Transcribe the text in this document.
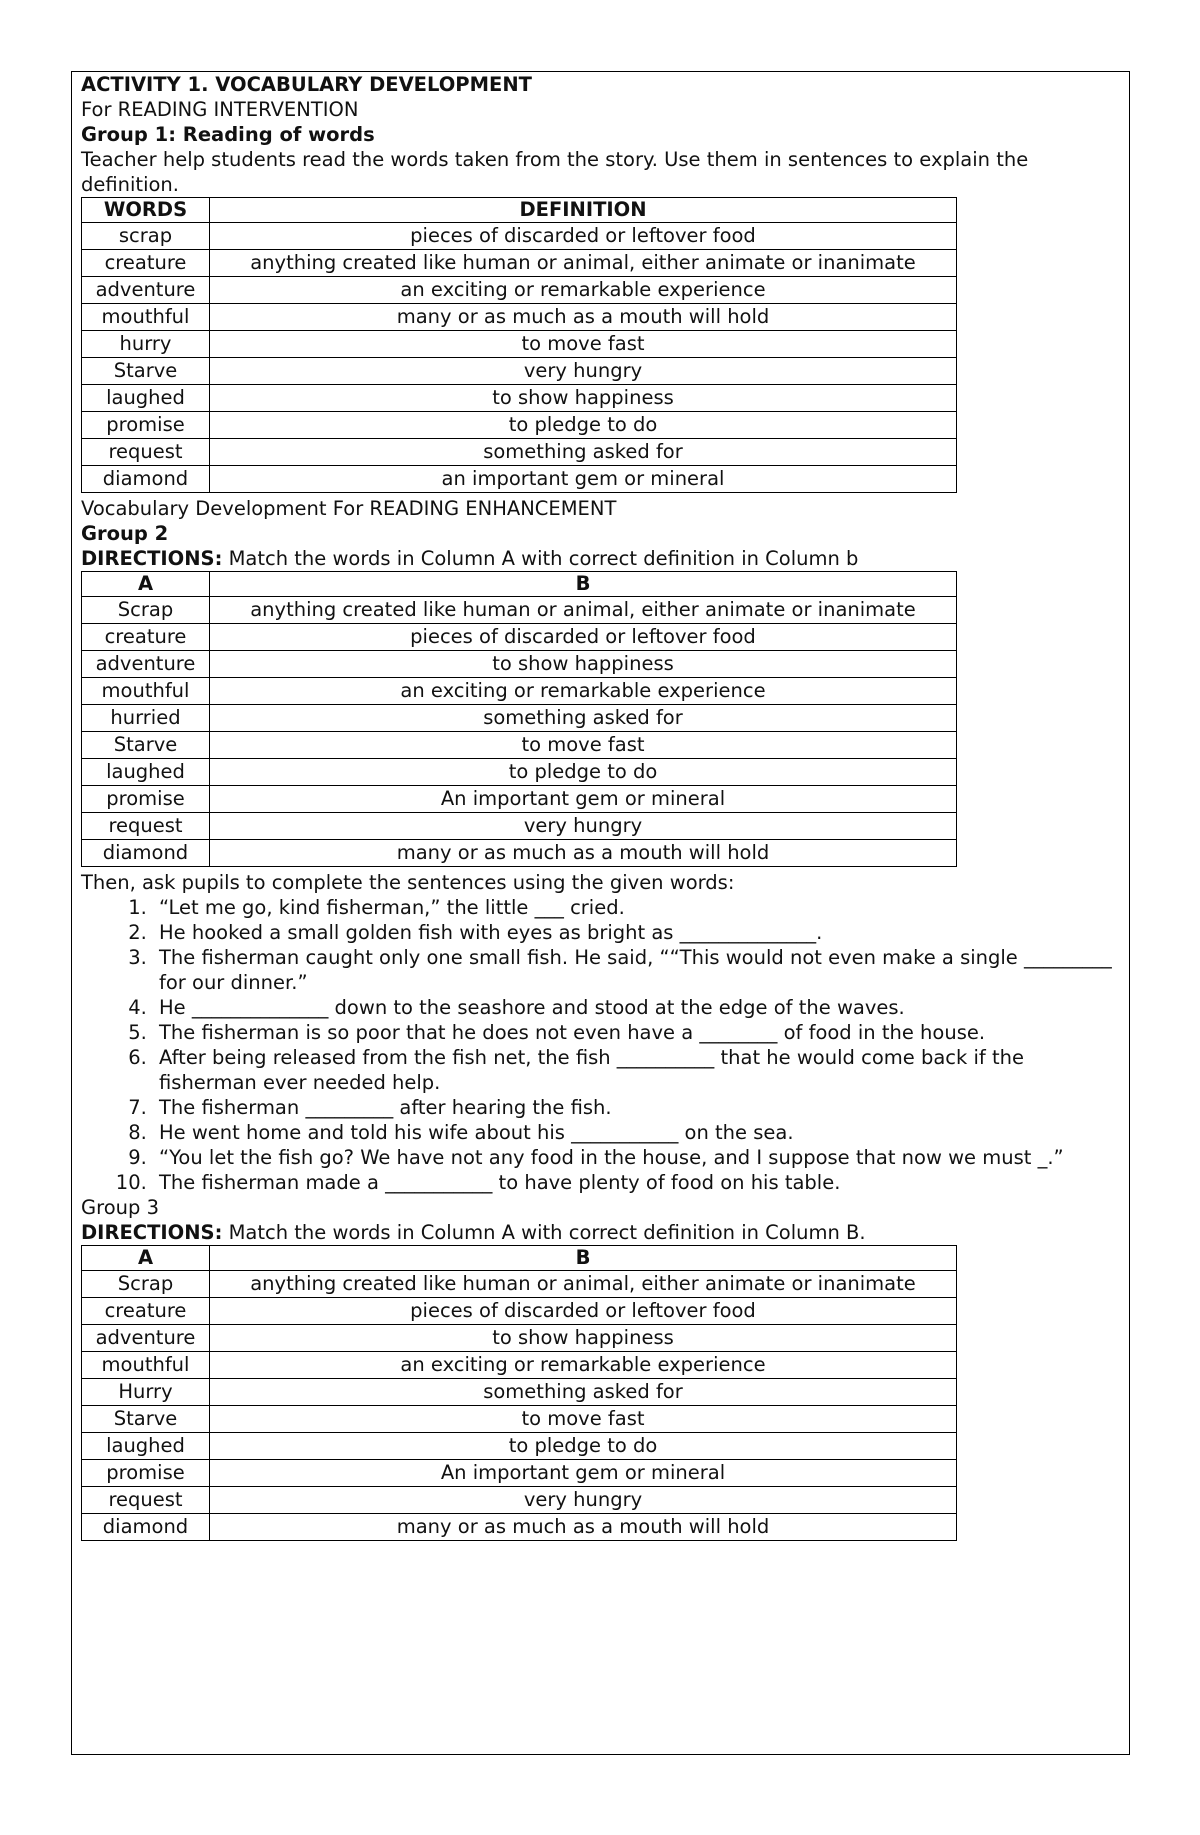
ACTIVITY 1. VOCABULARY DEVELOPMENT
For READING INTERVENTION
Group 1: Reading of words
Teacher help students read the words taken from the story. Use them in sentences to explain the definition.
WORDS	DEFINITION
scrap	pieces of discarded or leftover food
creature	anything created like human or animal, either animate or inanimate
adventure	an exciting or remarkable experience
mouthful	many or as much as a mouth will hold
hurry	to move fast
Starve	very hungry
laughed	to show happiness
promise	to pledge to do
request	something asked for
diamond	an important gem or mineral
Vocabulary Development For READING ENHANCEMENT
Group 2
DIRECTIONS: Match the words in Column A with correct definition in Column b
A	B
Scrap	anything created like human or animal, either animate or inanimate
creature	pieces of discarded or leftover food
adventure	to show happiness
mouthful	an exciting or remarkable experience
hurried	something asked for
Starve	to move fast
laughed	to pledge to do
promise	An important gem or mineral
request	very hungry
diamond	many or as much as a mouth will hold
Then, ask pupils to complete the sentences using the given words:
1. “Let me go, kind fisherman,” the little ___ cried.
2. He hooked a small golden fish with eyes as bright as ______________.
3. The fisherman caught only one small fish. He said, ““This would not even make a single _________ for our dinner.”
4. He ______________ down to the seashore and stood at the edge of the waves.
5. The fisherman is so poor that he does not even have a ________ of food in the house.
6. After being released from the fish net, the fish __________ that he would come back if the fisherman ever needed help.
7. The fisherman _________ after hearing the fish.
8. He went home and told his wife about his ___________ on the sea.
9. “You let the fish go? We have not any food in the house, and I suppose that now we must _.”
10. The fisherman made a ___________ to have plenty of food on his table.
Group 3
DIRECTIONS: Match the words in Column A with correct definition in Column B.
A	B
Scrap	anything created like human or animal, either animate or inanimate
creature	pieces of discarded or leftover food
adventure	to show happiness
mouthful	an exciting or remarkable experience
Hurry	something asked for
Starve	to move fast
laughed	to pledge to do
promise	An important gem or mineral
request	very hungry
diamond	many or as much as a mouth will hold
